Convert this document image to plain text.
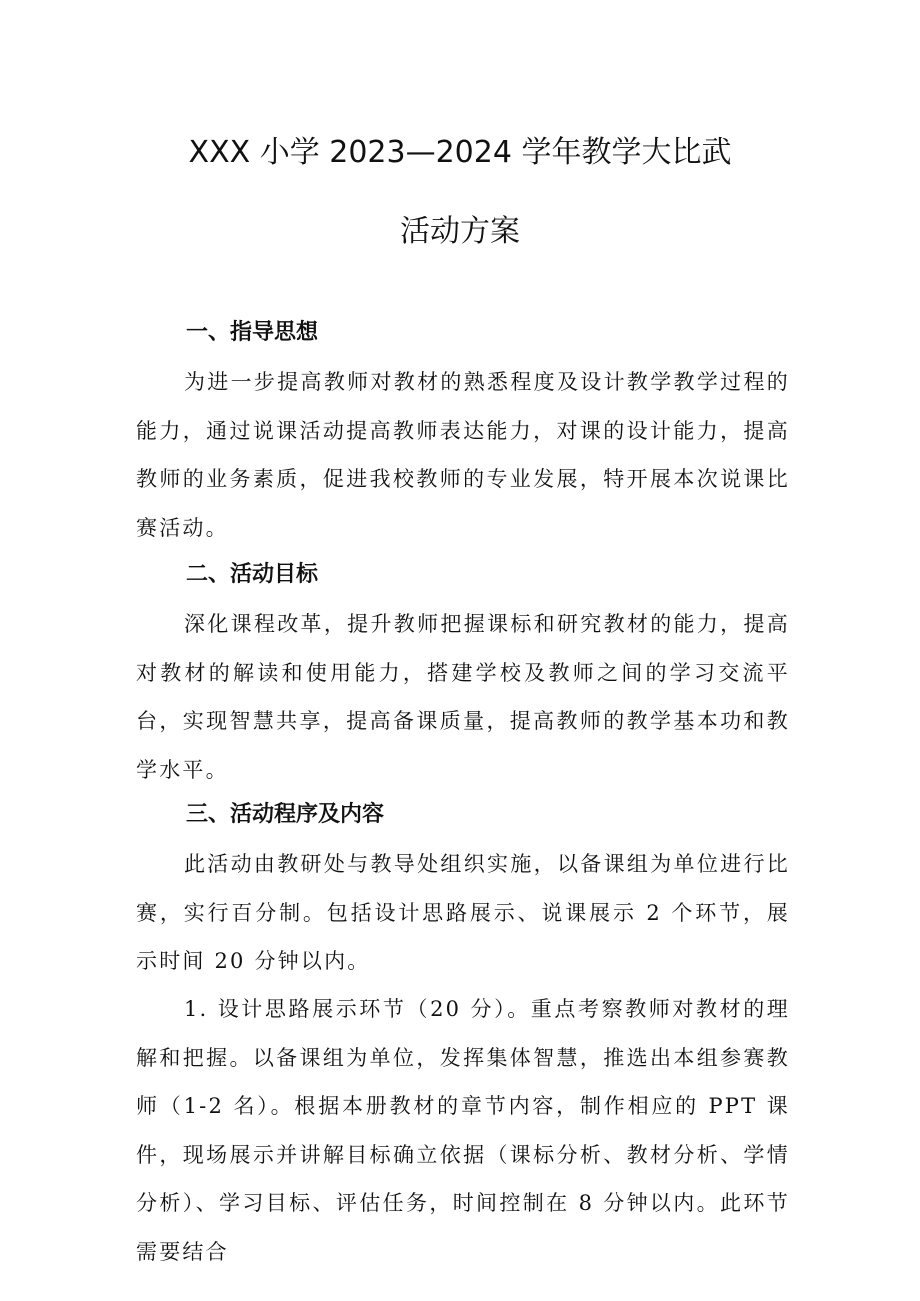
XXX 小学 2023—2024 学年教学大比武
活动方案
一、指导思想

为进一步提高教师对教材的熟悉程度及设计教学教学过程的能力，通过说课活动提高教师表达能力，对课的设计能力，提高教师的业务素质，促进我校教师的专业发展，特开展本次说课比赛活动。

二、活动目标

深化课程改革，提升教师把握课标和研究教材的能力，提高对教材的解读和使用能力，搭建学校及教师之间的学习交流平台，实现智慧共享，提高备课质量，提高教师的教学基本功和教学水平。

三、活动程序及内容

此活动由教研处与教导处组织实施，以备课组为单位进行比赛，实行百分制。包括设计思路展示、说课展示 2 个环节，展示时间 20 分钟以内。

1. 设计思路展示环节（20 分）。重点考察教师对教材的理解和把握。以备课组为单位，发挥集体智慧，推选出本组参赛教师（1-2 名）。根据本册教材的章节内容，制作相应的 PPT 课件，现场展示并讲解目标确立依据（课标分析、教材分析、学情分析）、学习目标、评估任务，时间控制在 8 分钟以内。此环节需要结合
